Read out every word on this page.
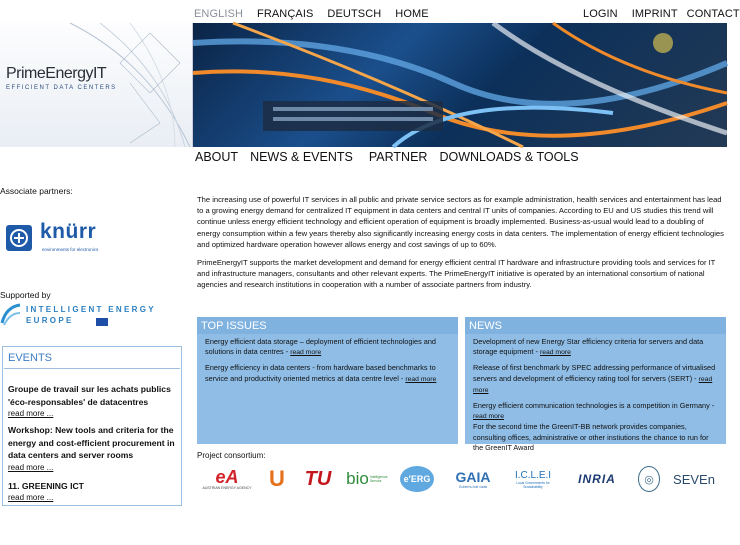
ENGLISH FRANÇAIS DEUTSCH HOME	LOGIN IMPRINT CONTACT
PrimeEnergyIT
EFFICIENT DATA CENTERS
ABOUT NEWS & EVENTS PARTNER DOWNLOADS & TOOLS
Associate partners:
knürr
environments for electronics
Supported by
INTELLIGENT ENERGY
EUROPE
EVENTS
Groupe de travail sur les achats publics 'éco-responsables' de datacentres
read more ...
Workshop: New tools and criteria for the energy and cost-efficient procurement in data centers and server rooms
read more ...
11. GREENING ICT
read more ...

The increasing use of powerful IT services in all public and private service sectors as for example administration, health services and entertainment has lead to a growing energy demand for centralized IT equipment in data centers and central IT units of companies. According to EU and US studies this trend will continue unless energy efficient technology and efficient operation of equipment is broadly implemented. Business-as-usual would lead to a doubling of energy consumption within a few years thereby also significantly increasing energy costs in data centers. The implementation of energy efficient technologies and optimized hardware operation however allows energy and cost savings of up to 60%.

PrimeEnergyIT supports the market development and demand for energy efficient central IT hardware and infrastructure providing tools and services for IT and infrastructure managers, consultants and other relevant experts. The PrimeEnergyIT initiative is operated by an international consortium of national agencies and research institutions in cooperation with a number of associate partners from industry.

TOP ISSUES

Energy efficient data storage – deployment of efficient technologies and solutions in data centres - read more

Energy efficiency in data centers - from hardware based benchmarks to service and productivity oriented metrics at data centre level - read more

NEWS

Development of new Energy Star efficiency criteria for servers and data storage equipment - read more

Release of first benchmark by SPEC addressing performance of virtualised servers and development of efficiency rating tool for servers (SERT) - read more

Energy efficient communication technologies is a competition in Germany - read more

For the second time the GreenIT-BB network provides companies, consulting offices, administrative or other instiutions the chance to run for the GreenIT Award

Project consortium:
eA
AUSTRIAN ENERGY AGENCY U TU bio Intelligence Service	e'ERG GAIA
Gobernu bat vizak
I.C.L.E.I
Local Governments for Sustainability
INRIA	◎	SEVEn
